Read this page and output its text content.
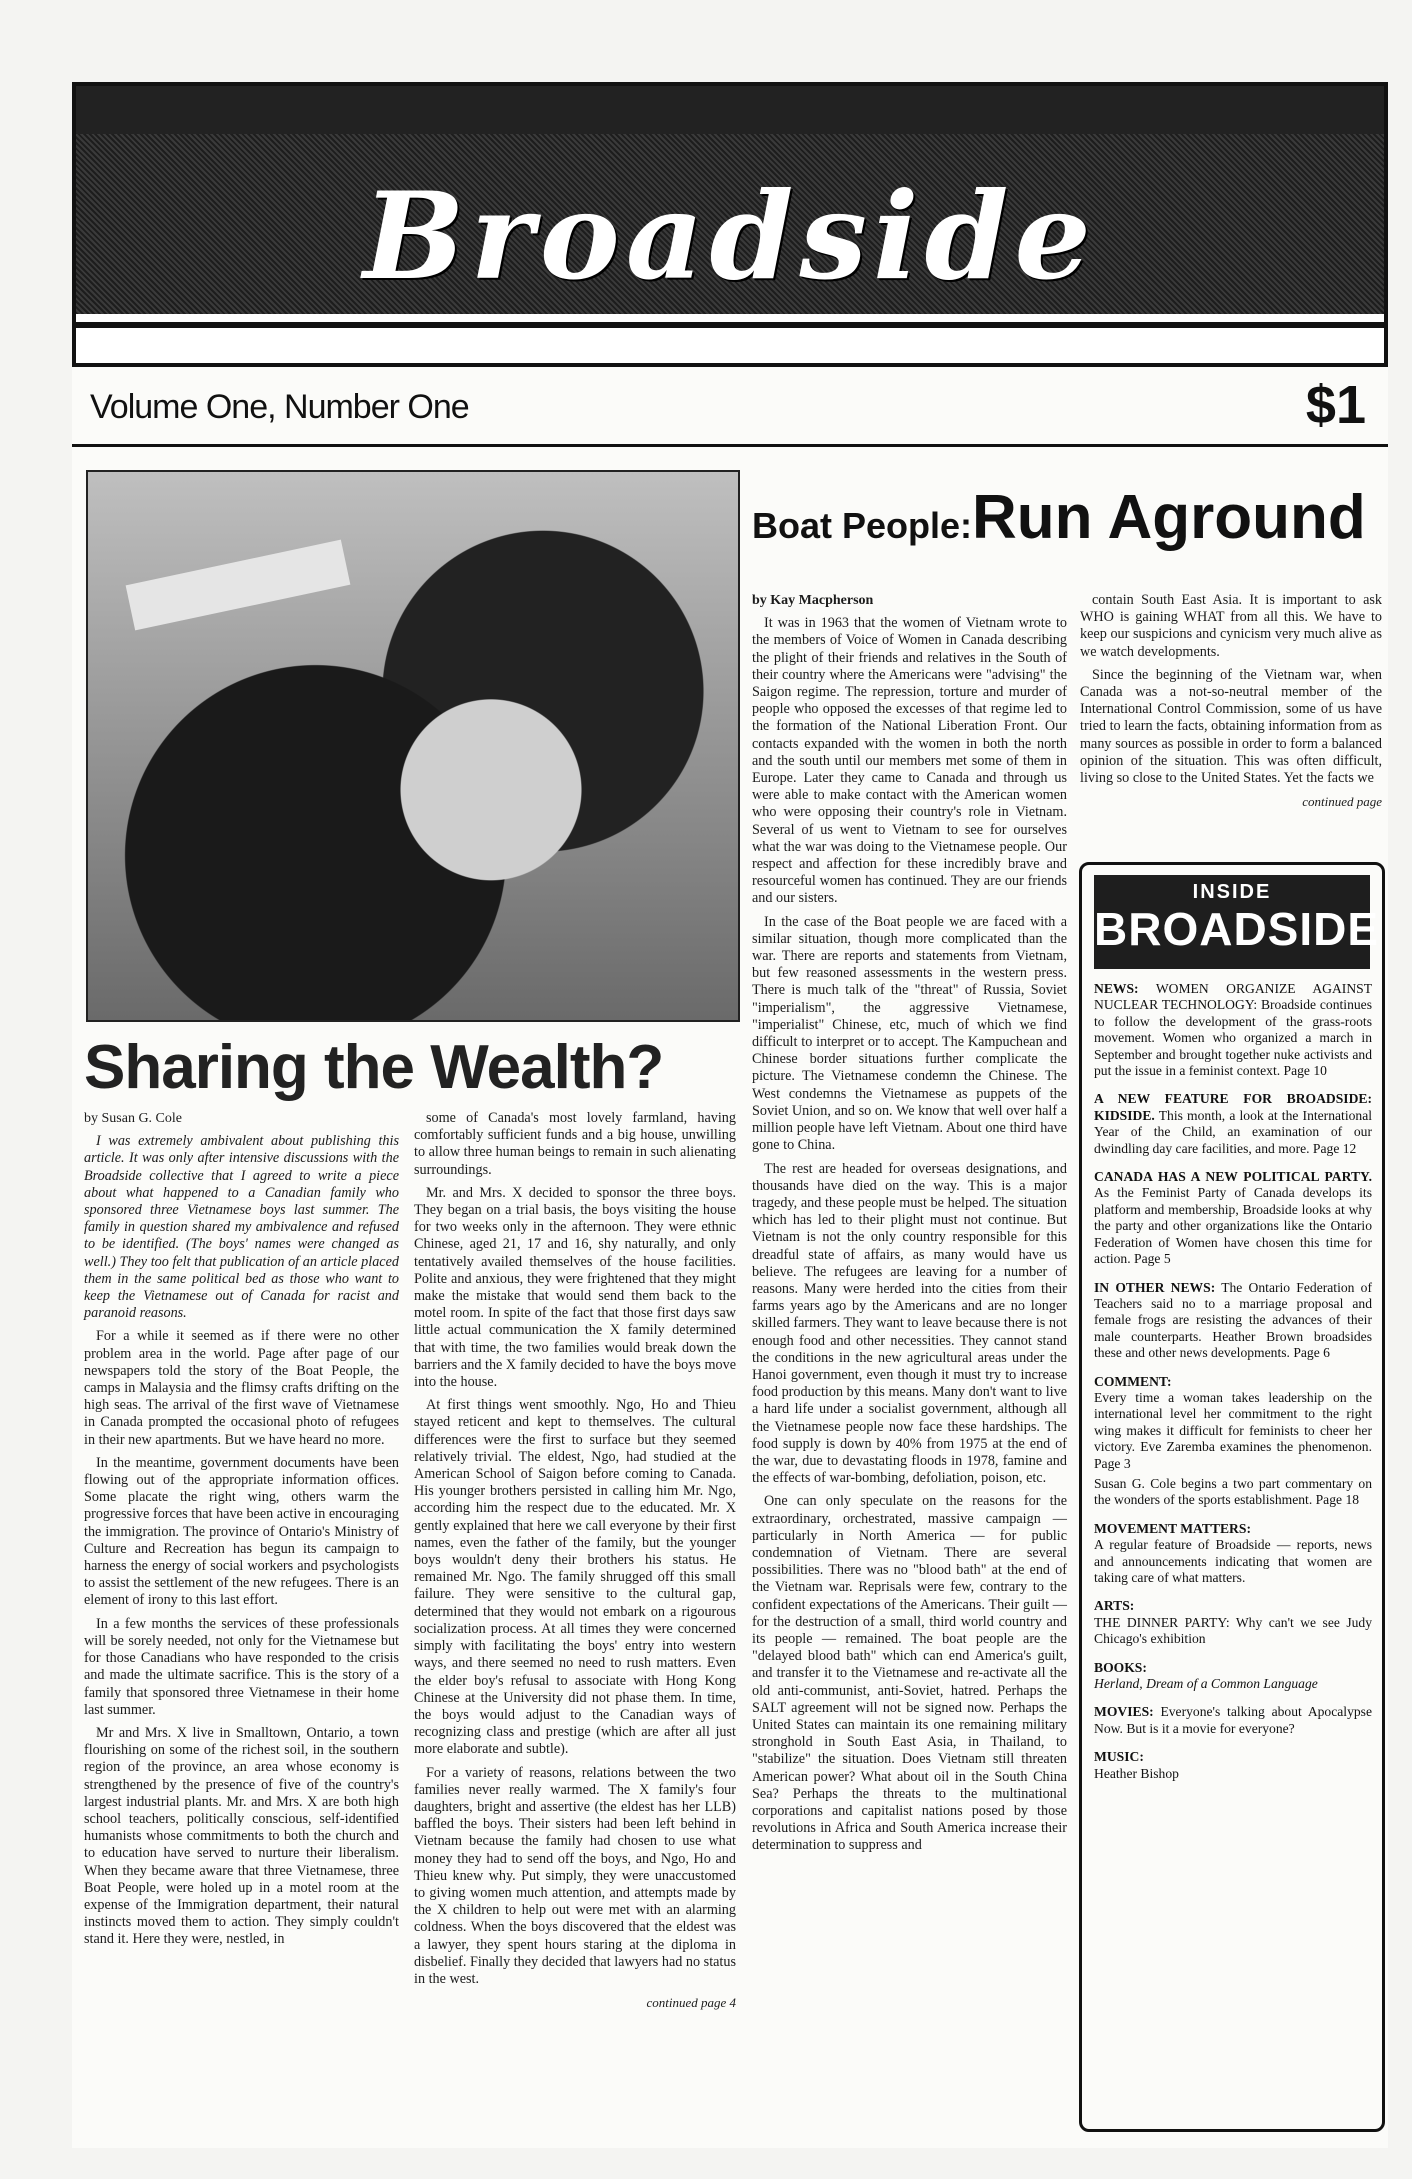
Broadside
Volume One, Number One	$1
Boat People:Run Aground
by Kay Macpherson

It was in 1963 that the women of Vietnam wrote to the members of Voice of Women in Canada describing the plight of their friends and relatives in the South of their country where the Americans were "advising" the Saigon regime. The repression, torture and murder of people who opposed the excesses of that regime led to the formation of the National Liberation Front. Our contacts expanded with the women in both the north and the south until our members met some of them in Europe. Later they came to Canada and through us were able to make contact with the American women who were opposing their country's role in Vietnam. Several of us went to Vietnam to see for ourselves what the war was doing to the Vietnamese people. Our respect and affection for these incredibly brave and resourceful women has continued. They are our friends and our sisters.

In the case of the Boat people we are faced with a similar situation, though more complicated than the war. There are reports and statements from Vietnam, but few reasoned assessments in the western press. There is much talk of the "threat" of Russia, Soviet "imperialism", the aggressive Vietnamese, "imperialist" Chinese, etc, much of which we find difficult to interpret or to accept. The Kampuchean and Chinese border situations further complicate the picture. The Vietnamese condemn the Chinese. The West condemns the Vietnamese as puppets of the Soviet Union, and so on. We know that well over half a million people have left Vietnam. About one third have gone to China.

The rest are headed for overseas designations, and thousands have died on the way. This is a major tragedy, and these people must be helped. The situation which has led to their plight must not continue. But Vietnam is not the only country responsible for this dreadful state of affairs, as many would have us believe. The refugees are leaving for a number of reasons. Many were herded into the cities from their farms years ago by the Americans and are no longer skilled farmers. They want to leave because there is not enough food and other necessities. They cannot stand the conditions in the new agricultural areas under the Hanoi government, even though it must try to increase food production by this means. Many don't want to live a hard life under a socialist government, although all the Vietnamese people now face these hardships. The food supply is down by 40% from 1975 at the end of the war, due to devastating floods in 1978, famine and the effects of war-bombing, defoliation, poison, etc.

One can only speculate on the reasons for the extraordinary, orchestrated, massive campaign — particularly in North America — for public condemnation of Vietnam. There are several possibilities. There was no "blood bath" at the end of the Vietnam war. Reprisals were few, contrary to the confident expectations of the Americans. Their guilt — for the destruction of a small, third world country and its people — remained. The boat people are the "delayed blood bath" which can end America's guilt, and transfer it to the Vietnamese and re-activate all the old anti-communist, anti-Soviet, hatred. Perhaps the SALT agreement will not be signed now. Perhaps the United States can maintain its one remaining military stronghold in South East Asia, in Thailand, to "stabilize" the situation. Does Vietnam still threaten American power? What about oil in the South China Sea? Perhaps the threats to the multinational corporations and capitalist nations posed by those revolutions in Africa and South America increase their determination to suppress and

contain South East Asia. It is important to ask WHO is gaining WHAT from all this. We have to keep our suspicions and cynicism very much alive as we watch developments.

Since the beginning of the Vietnam war, when Canada was a not-so-neutral member of the International Control Commission, some of us have tried to learn the facts, obtaining information from as many sources as possible in order to form a balanced opinion of the situation. This was often difficult, living so close to the United States. Yet the facts we

continued page
Sharing the Wealth?
by Susan G. Cole

I was extremely ambivalent about publishing this article. It was only after intensive discussions with the Broadside collective that I agreed to write a piece about what happened to a Canadian family who sponsored three Vietnamese boys last summer. The family in question shared my ambivalence and refused to be identified. (The boys' names were changed as well.) They too felt that publication of an article placed them in the same political bed as those who want to keep the Vietnamese out of Canada for racist and paranoid reasons.

For a while it seemed as if there were no other problem area in the world. Page after page of our newspapers told the story of the Boat People, the camps in Malaysia and the flimsy crafts drifting on the high seas. The arrival of the first wave of Vietnamese in Canada prompted the occasional photo of refugees in their new apartments. But we have heard no more.

In the meantime, government documents have been flowing out of the appropriate information offices. Some placate the right wing, others warm the progressive forces that have been active in encouraging the immigration. The province of Ontario's Ministry of Culture and Recreation has begun its campaign to harness the energy of social workers and psychologists to assist the settlement of the new refugees. There is an element of irony to this last effort.

In a few months the services of these professionals will be sorely needed, not only for the Vietnamese but for those Canadians who have responded to the crisis and made the ultimate sacrifice. This is the story of a family that sponsored three Vietnamese in their home last summer.

Mr and Mrs. X live in Smalltown, Ontario, a town flourishing on some of the richest soil, in the southern region of the province, an area whose economy is strengthened by the presence of five of the country's largest industrial plants. Mr. and Mrs. X are both high school teachers, politically conscious, self-identified humanists whose commitments to both the church and to education have served to nurture their liberalism. When they became aware that three Vietnamese, three Boat People, were holed up in a motel room at the expense of the Immigration department, their natural instincts moved them to action. They simply couldn't stand it. Here they were, nestled, in

some of Canada's most lovely farmland, having comfortably sufficient funds and a big house, unwilling to allow three human beings to remain in such alienating surroundings.

Mr. and Mrs. X decided to sponsor the three boys. They began on a trial basis, the boys visiting the house for two weeks only in the afternoon. They were ethnic Chinese, aged 21, 17 and 16, shy naturally, and only tentatively availed themselves of the house facilities. Polite and anxious, they were frightened that they might make the mistake that would send them back to the motel room. In spite of the fact that those first days saw little actual communication the X family determined that with time, the two families would break down the barriers and the X family decided to have the boys move into the house.

At first things went smoothly. Ngo, Ho and Thieu stayed reticent and kept to themselves. The cultural differences were the first to surface but they seemed relatively trivial. The eldest, Ngo, had studied at the American School of Saigon before coming to Canada. His younger brothers persisted in calling him Mr. Ngo, according him the respect due to the educated. Mr. X gently explained that here we call everyone by their first names, even the father of the family, but the younger boys wouldn't deny their brothers his status. He remained Mr. Ngo. The family shrugged off this small failure. They were sensitive to the cultural gap, determined that they would not embark on a rigourous socialization process. At all times they were concerned simply with facilitating the boys' entry into western ways, and there seemed no need to rush matters. Even the elder boy's refusal to associate with Hong Kong Chinese at the University did not phase them. In time, the boys would adjust to the Canadian ways of recognizing class and prestige (which are after all just more elaborate and subtle).

For a variety of reasons, relations between the two families never really warmed. The X family's four daughters, bright and assertive (the eldest has her LLB) baffled the boys. Their sisters had been left behind in Vietnam because the family had chosen to use what money they had to send off the boys, and Ngo, Ho and Thieu knew why. Put simply, they were unaccustomed to giving women much attention, and attempts made by the X children to help out were met with an alarming coldness. When the boys discovered that the eldest was a lawyer, they spent hours staring at the diploma in disbelief. Finally they decided that lawyers had no status in the west.

continued page 4
INSIDE
BROADSIDE

NEWS: WOMEN ORGANIZE AGAINST NUCLEAR TECHNOLOGY: Broadside continues to follow the development of the grass-roots movement. Women who organized a march in September and brought together nuke activists and put the issue in a feminist context. Page 10

A NEW FEATURE FOR BROADSIDE: KIDSIDE. This month, a look at the International Year of the Child, an examination of our dwindling day care facilities, and more. Page 12

CANADA HAS A NEW POLITICAL PARTY. As the Feminist Party of Canada develops its platform and membership, Broadside looks at why the party and other organizations like the Ontario Federation of Women have chosen this time for action. Page 5

IN OTHER NEWS: The Ontario Federation of Teachers said no to a marriage proposal and female frogs are resisting the advances of their male counterparts. Heather Brown broadsides these and other news developments. Page 6

COMMENT:
Every time a woman takes leadership on the international level her commitment to the right wing makes it difficult for feminists to cheer her victory. Eve Zaremba examines the phenomenon. Page 3

Susan G. Cole begins a two part commentary on the wonders of the sports establishment. Page 18

MOVEMENT MATTERS:
A regular feature of Broadside — reports, news and announcements indicating that women are taking care of what matters.

ARTS:
THE DINNER PARTY: Why can't we see Judy Chicago's exhibition

BOOKS:
Herland, Dream of a Common Language

MOVIES: Everyone's talking about Apocalypse Now. But is it a movie for everyone?

MUSIC:
Heather Bishop
